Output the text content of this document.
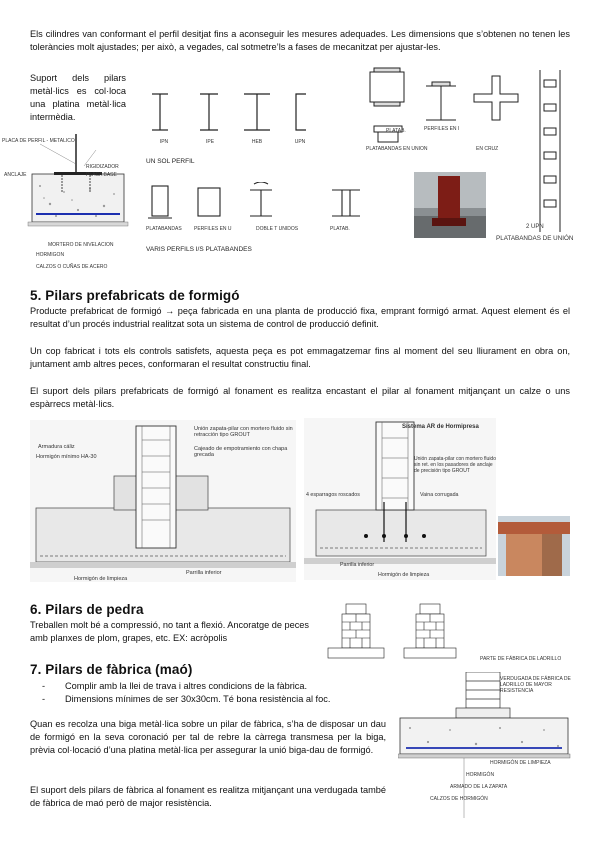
Els cilindres van conformant el perfil desitjat fins a aconseguir les mesures adequades. Les dimensions que s’obtenen no tenen les toleràncies molt ajustades; per això, a vegades, cal sotmetre’ls a fases de mecanitzat per ajustar-les.
Suport dels pilars metàl·lics es col·loca una platina metàl·lica intermèdia.
PLACA DE PERFIL - METALICO
ANCLAJE
RIGIDIZADOR
PLACA BASE
MORTERO DE NIVELACION
HORMIGON
CALZOS O CUÑAS DE ACERO
IPN	IPE	HEB	UPN
UN SOL PERFIL
PLATABANDAS	PERFILES EN U	DOBLE T UNIDOS	PLATAB.
VARIS PERFILS I/S PLATABANDES
PLATABANDAS EN UNION
PERFILES EN I
PLATAB.
EN CRUZ
2 UPN
PLATABANDAS DE UNIÓN
5. Pilars prefabricats de formigó
Producte prefabricat de formigó → peça fabricada en una planta de producció fixa, emprant formigó armat. Aquest element és el resultat d’un procés industrial realitzat sota un sistema de control de producció definit.
Un cop fabricat i tots els controls satisfets, aquesta peça es pot emmagatzemar fins al moment del seu lliurament en obra on, juntament amb altres peces, conformaran el resultat constructiu final.
El suport dels pilars prefabricats de formigó al fonament es realitza encastant el pilar al fonament mitjançant un calze o uns espàrrecs metàl·lics.
Unión zapata-pilar con mortero fluido sin retracción tipo GROUT
Cajeado de empotramiento con chapa grecada
Armadura cáliz
Hormigón mínimo HA-30
Parrilla inferior
Hormigón de limpieza
Sistema AR de Hormipresa
Unión zapata-pilar con mortero fluido sin ret. en los pasadores de anclaje de precisión tipo GROUT
Vaina corrugada
4 esparragos roscados
Parrilla inferior
Hormigón de limpieza
6. Pilars de pedra
Treballen molt bé a compressió, no tant a flexió. Ancoratge de peces amb planxes de plom, grapes, etc. EX: acròpolis
7. Pilars de fàbrica (maó)
- Complir amb la llei de trava i altres condicions de la fàbrica.
- Dimensions mínimes de ser 30x30cm. Té bona resistència al foc.
Quan es recolza una biga metàl·lica sobre un pilar de fàbrica, s’ha de disposar un dau de formigó en la seva coronació per tal de rebre la càrrega transmesa per la biga, prèvia col·locació d’una platina metàl·lica per assegurar la unió biga-dau de formigó.
El suport dels pilars de fàbrica al fonament es realitza mitjançant una verdugada també de fàbrica de maó però de major resistència.
PARTE DE FÁBRICA DE LADRILLO
VERDUGADA DE FÁBRICA DE LADRILLO DE MAYOR RESISTENCIA
HORMIGÓN DE LIMPIEZA
HORMIGÓN
ARMADO DE LA ZAPATA
CALZOS DE HORMIGÓN
